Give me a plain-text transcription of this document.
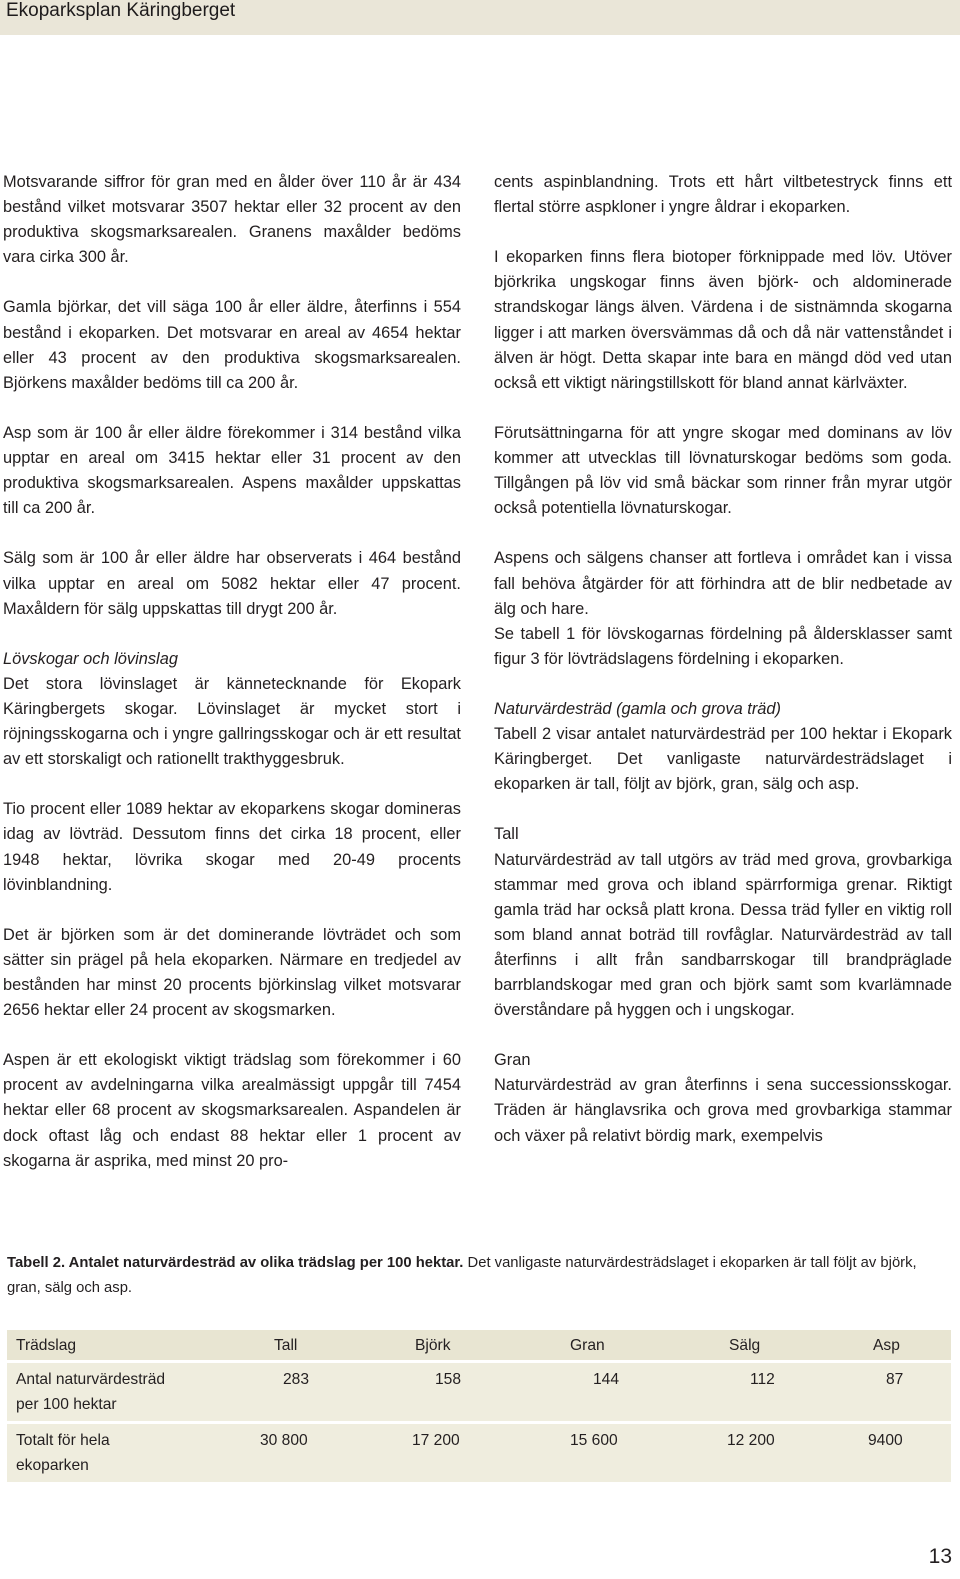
Ekoparksplan Käringberget

Motsvarande siffror för gran med en ålder över 110 år är 434 bestånd vilket motsvarar 3507 hektar eller 32 procent av den produktiva skogsmarksarealen. Granens maxålder bedöms vara cirka 300 år.

Gamla björkar, det vill säga 100 år eller äldre, återfinns i 554 bestånd i ekoparken. Det motsvarar en areal av 4654 hektar eller 43 procent av den produktiva skogsmarksarealen. Björkens maxålder bedöms till ca 200 år.

Asp som är 100 år eller äldre förekommer i 314 bestånd vilka upptar en areal om 3415 hektar eller 31 procent av den produktiva skogsmarksarealen. Aspens maxålder uppskattas till ca 200 år.

Sälg som är 100 år eller äldre har observerats i 464 bestånd vilka upptar en areal om 5082 hektar eller 47 procent. Maxåldern för sälg uppskattas till drygt 200 år.

Lövskogar och lövinslag
Det stora lövinslaget är kännetecknande för Ekopark Käringbergets skogar. Lövinslaget är mycket stort i röjningsskogarna och i yngre gallringsskogar och är ett resultat av ett storskaligt och rationellt trakthyggesbruk.

Tio procent eller 1089 hektar av ekoparkens skogar domineras idag av lövträd. Dessutom finns det cirka 18 procent, eller 1948 hektar, lövrika skogar med 20-49 procents lövinblandning.

Det är björken som är det dominerande lövträdet och som sätter sin prägel på hela ekoparken. Närmare en tredjedel av bestånden har minst 20 procents björkinslag vilket motsvarar 2656 hektar eller 24 procent av skogsmarken.

Aspen är ett ekologiskt viktigt trädslag som förekommer i 60 procent av avdelningarna vilka arealmässigt uppgår till 7454 hektar eller 68 procent av skogsmarksarealen. Aspandelen är dock oftast låg och endast 88 hektar eller 1 procent av skogarna är asprika, med minst 20 pro-

cents aspinblandning. Trots ett hårt viltbetestryck finns ett flertal större aspkloner i yngre åldrar i ekoparken.

I ekoparken finns flera biotoper förknippade med löv. Utöver björkrika ungskogar finns även björk- och aldominerade strandskogar längs älven. Värdena i de sistnämnda skogarna ligger i att marken översvämmas då och då när vattenståndet i älven är högt. Detta skapar inte bara en mängd död ved utan också ett viktigt näringstillskott för bland annat kärlväxter.

Förutsättningarna för att yngre skogar med dominans av löv kommer att utvecklas till lövnaturskogar bedöms som goda. Tillgången på löv vid små bäckar som rinner från myrar utgör också potentiella lövnaturskogar.

Aspens och sälgens chanser att fortleva i området kan i vissa fall behöva åtgärder för att förhindra att de blir nedbetade av älg och hare.

Se tabell 1 för lövskogarnas fördelning på åldersklasser samt figur 3 för lövträdslagens fördelning i ekoparken.

Naturvärdesträd (gamla och grova träd)
Tabell 2 visar antalet naturvärdesträd per 100 hektar i Ekopark Käringberget. Det vanligaste naturvärdesträdslaget i ekoparken är tall, följt av björk, gran, sälg och asp.

Tall
Naturvärdesträd av tall utgörs av träd med grova, grovbarkiga stammar med grova och ibland spärrformiga grenar. Riktigt gamla träd har också platt krona. Dessa träd fyller en viktig roll som bland annat boträd till rovfåglar. Naturvärdesträd av tall återfinns i allt från sandbarrskogar till brandpräglade barrblandskogar med gran och björk samt som kvarlämnade överståndare på hyggen och i ungskogar.

Gran
Naturvärdesträd av gran återfinns i sena successionsskogar. Träden är hänglavsrika och grova med grovbarkiga stammar och växer på relativt bördig mark, exempelvis

Tabell 2. Antalet naturvärdesträd av olika trädslag per 100 hektar. Det vanligaste naturvärdesträdslaget i ekoparken är tall följt av björk, gran, sälg och asp.
Trädslag	Tall	Björk	Gran	Sälg	Asp
Antal naturvärdesträd
per 100 hektar
283	158	144	112	87
Totalt för hela
ekoparken
30 800	17 200	15 600	12 200	9400
13
